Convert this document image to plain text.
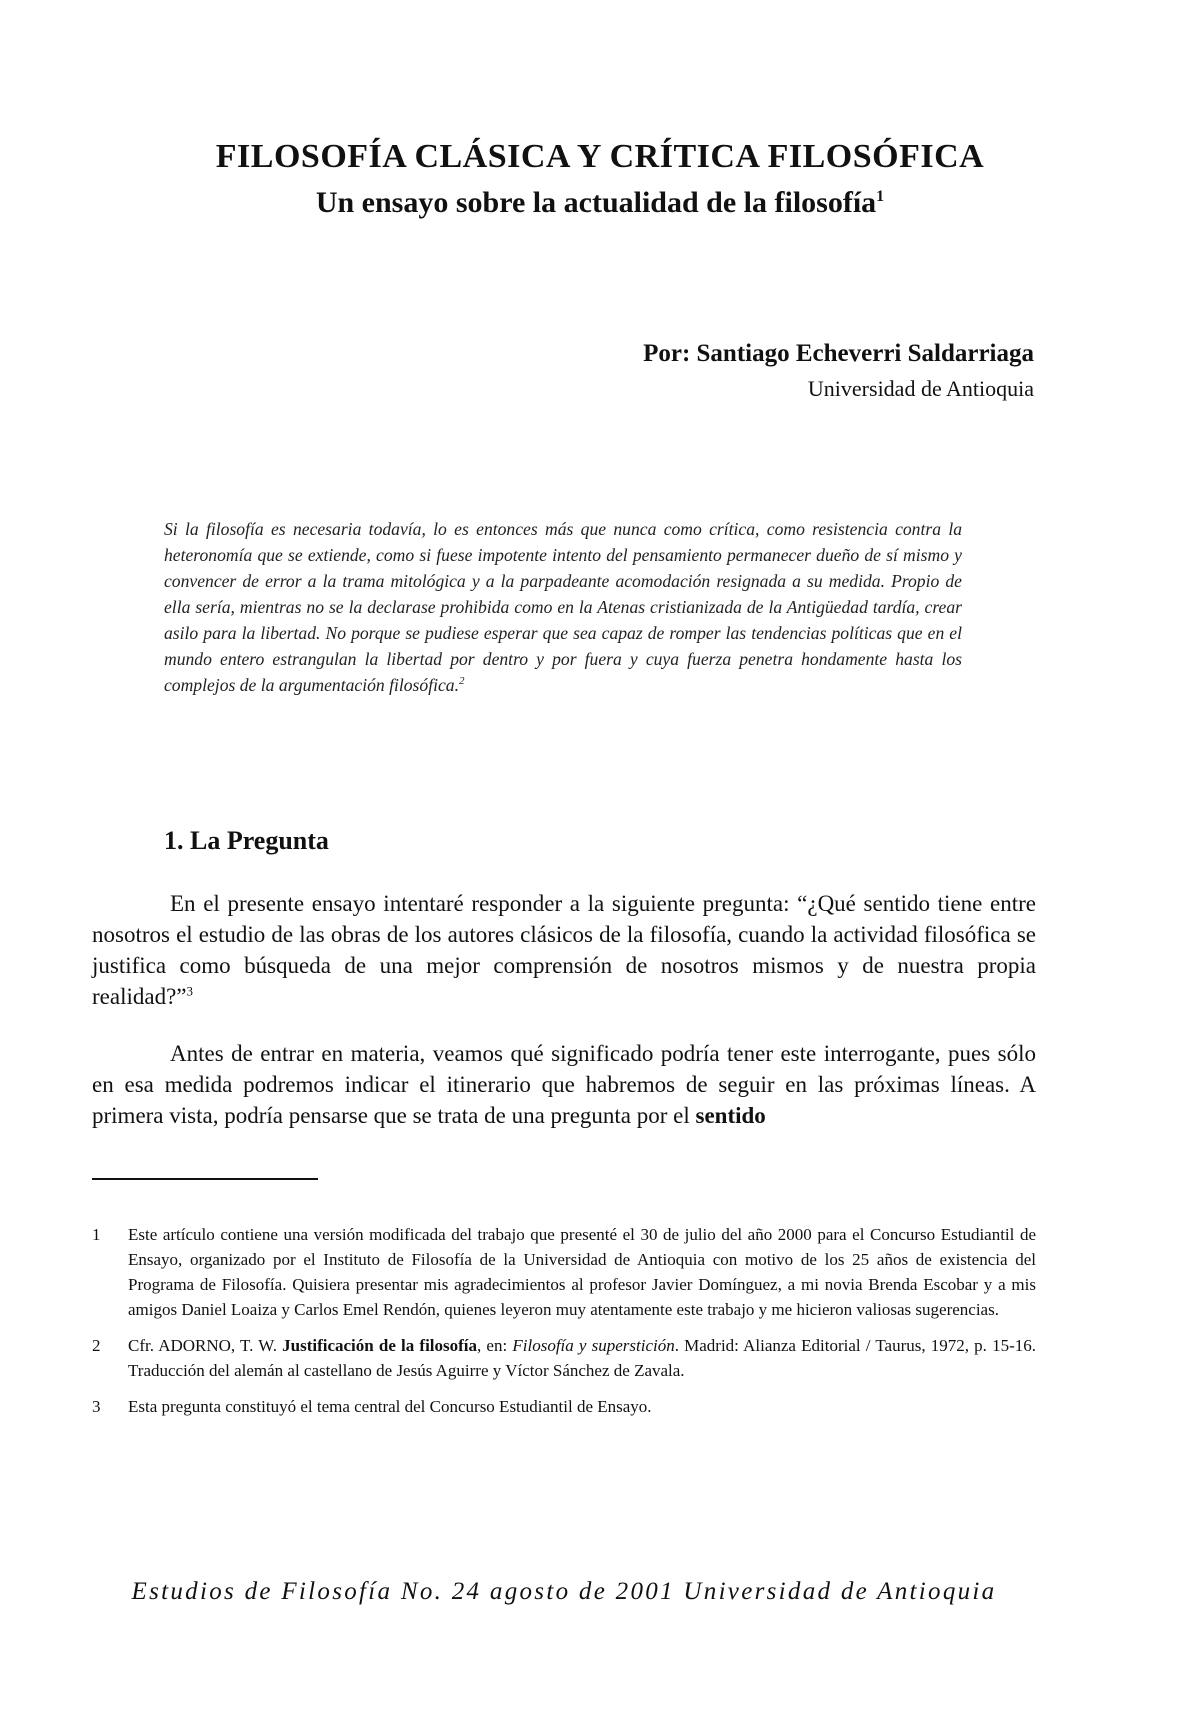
FILOSOFÍA CLÁSICA Y CRÍTICA FILOSÓFICA
Un ensayo sobre la actualidad de la filosofía$^1$
Por: Santiago Echeverri Saldarriaga
Universidad de Antioquia

Si la filosofía es necesaria todavía, lo es entonces más que nunca como crítica, como resistencia contra la heteronomía que se extiende, como si fuese impotente intento del pensamiento permanecer dueño de sí mismo y convencer de error a la trama mitológica y a la parpadeante acomodación resignada a su medida. Propio de ella sería, mientras no se la declarase prohibida como en la Atenas cristianizada de la Antigüedad tardía, crear asilo para la libertad. No porque se pudiese esperar que sea capaz de romper las tendencias políticas que en el mundo entero estrangulan la libertad por dentro y por fuera y cuya fuerza penetra hondamente hasta los complejos de la argumentación filosófica.$^2$

1. La Pregunta

En el presente ensayo intentaré responder a la siguiente pregunta: “¿Qué sentido tiene entre nosotros el estudio de las obras de los autores clásicos de la filosofía, cuando la actividad filosófica se justifica como búsqueda de una mejor comprensión de nosotros mismos y de nuestra propia realidad?”$^3$

Antes de entrar en materia, veamos qué significado podría tener este interrogante, pues sólo en esa medida podremos indicar el itinerario que habremos de seguir en las próximas líneas. A primera vista, podría pensarse que se trata de una pregunta por el sentido

1 Este artículo contiene una versión modificada del trabajo que presenté el 30 de julio del año 2000 para el Concurso Estudiantil de Ensayo, organizado por el Instituto de Filosofía de la Universidad de Antioquia con motivo de los 25 años de existencia del Programa de Filosofía. Quisiera presentar mis agradecimientos al profesor Javier Domínguez, a mi novia Brenda Escobar y a mis amigos Daniel Loaiza y Carlos Emel Rendón, quienes leyeron muy atentamente este trabajo y me hicieron valiosas sugerencias.

2 Cfr. ADORNO, T. W. Justificación de la filosofía, en: Filosofía y superstición. Madrid: Alianza Editorial / Taurus, 1972, p. 15-16. Traducción del alemán al castellano de Jesús Aguirre y Víctor Sánchez de Zavala.

3 Esta pregunta constituyó el tema central del Concurso Estudiantil de Ensayo.

Estudios de Filosofía No. 24 agosto de 2001 Universidad de Antioquia
